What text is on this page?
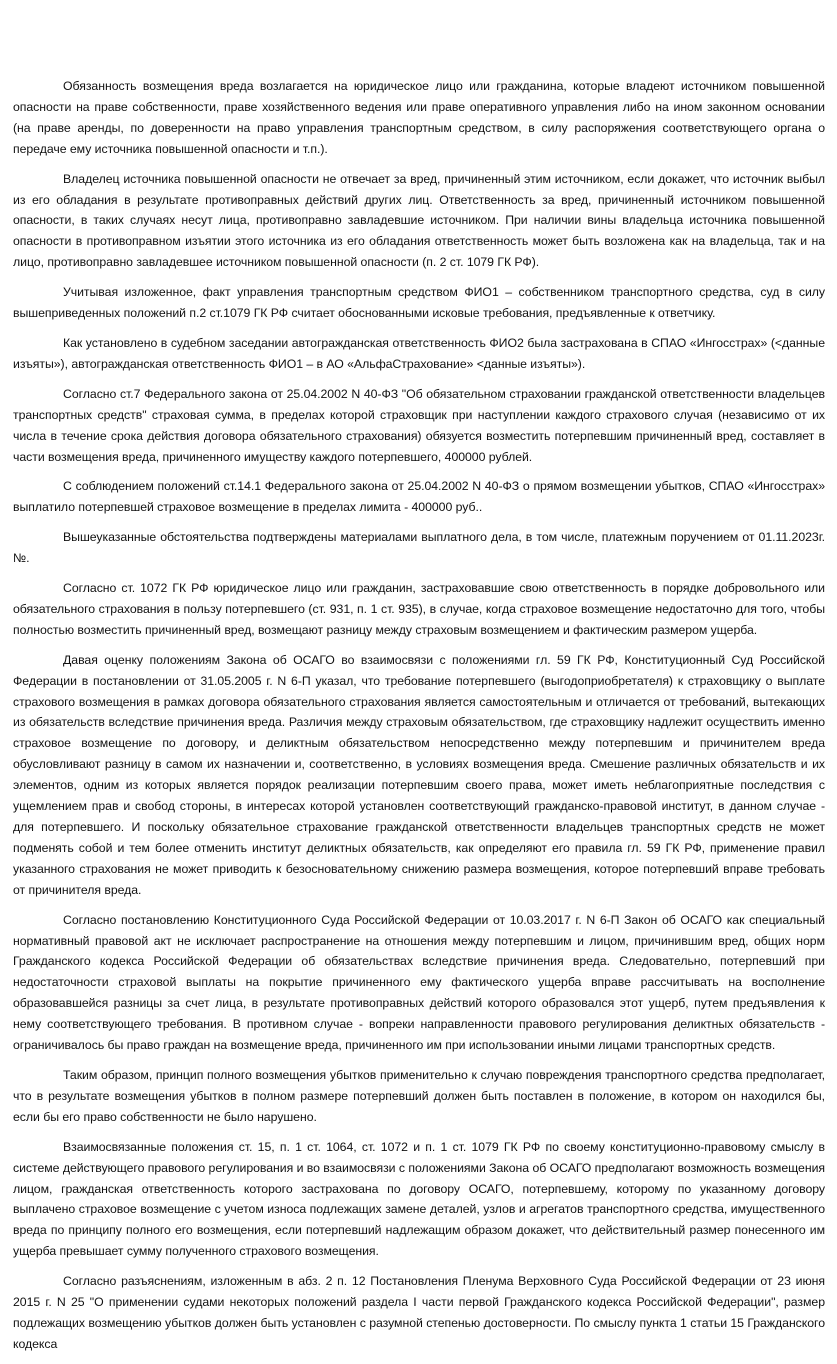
Обязанность возмещения вреда возлагается на юридическое лицо или гражданина, которые владеют источником повышенной опасности на праве собственности, праве хозяйственного ведения или праве оперативного управления либо на ином законном основании (на праве аренды, по доверенности на право управления транспортным средством, в силу распоряжения соответствующего органа о передаче ему источника повышенной опасности и т.п.).

Владелец источника повышенной опасности не отвечает за вред, причиненный этим источником, если докажет, что источник выбыл из его обладания в результате противоправных действий других лиц. Ответственность за вред, причиненный источником повышенной опасности, в таких случаях несут лица, противоправно завладевшие источником. При наличии вины владельца источника повышенной опасности в противоправном изъятии этого источника из его обладания ответственность может быть возложена как на владельца, так и на лицо, противоправно завладевшее источником повышенной опасности (п. 2 ст. 1079 ГК РФ).

Учитывая изложенное, факт управления транспортным средством ФИО1 – собственником транспортного средства, суд в силу вышеприведенных положений п.2 ст.1079 ГК РФ считает обоснованными исковые требования, предъявленные к ответчику.

Как установлено в судебном заседании автогражданская ответственность ФИО2 была застрахована в СПАО «Ингосстрах» (<данные изъяты»), автогражданская ответственность ФИО1 – в АО «АльфаСтрахование» <данные изъяты»).

Согласно ст.7 Федерального закона от 25.04.2002 N 40-ФЗ "Об обязательном страховании гражданской ответственности владельцев транспортных средств" страховая сумма, в пределах которой страховщик при наступлении каждого страхового случая (независимо от их числа в течение срока действия договора обязательного страхования) обязуется возместить потерпевшим причиненный вред, составляет в части возмещения вреда, причиненного имуществу каждого потерпевшего, 400000 рублей.

С соблюдением положений ст.14.1 Федерального закона от 25.04.2002 N 40-ФЗ о прямом возмещении убытков, СПАО «Ингосстрах» выплатило потерпевшей страховое возмещение в пределах лимита - 400000 руб..

Вышеуказанные обстоятельства подтверждены материалами выплатного дела, в том числе, платежным поручением от 01.11.2023г. №.

Согласно ст. 1072 ГК РФ юридическое лицо или гражданин, застраховавшие свою ответственность в порядке добровольного или обязательного страхования в пользу потерпевшего (ст. 931, п. 1 ст. 935), в случае, когда страховое возмещение недостаточно для того, чтобы полностью возместить причиненный вред, возмещают разницу между страховым возмещением и фактическим размером ущерба.

Давая оценку положениям Закона об ОСАГО во взаимосвязи с положениями гл. 59 ГК РФ, Конституционный Суд Российской Федерации в постановлении от 31.05.2005 г. N 6-П указал, что требование потерпевшего (выгодоприобретателя) к страховщику о выплате страхового возмещения в рамках договора обязательного страхования является самостоятельным и отличается от требований, вытекающих из обязательств вследствие причинения вреда. Различия между страховым обязательством, где страховщику надлежит осуществить именно страховое возмещение по договору, и деликтным обязательством непосредственно между потерпевшим и причинителем вреда обусловливают разницу в самом их назначении и, соответственно, в условиях возмещения вреда. Смешение различных обязательств и их элементов, одним из которых является порядок реализации потерпевшим своего права, может иметь неблагоприятные последствия с ущемлением прав и свобод стороны, в интересах которой установлен соответствующий гражданско-правовой институт, в данном случае - для потерпевшего. И поскольку обязательное страхование гражданской ответственности владельцев транспортных средств не может подменять собой и тем более отменить институт деликтных обязательств, как определяют его правила гл. 59 ГК РФ, применение правил указанного страхования не может приводить к безосновательному снижению размера возмещения, которое потерпевший вправе требовать от причинителя вреда.

Согласно постановлению Конституционного Суда Российской Федерации от 10.03.2017 г. N 6-П Закон об ОСАГО как специальный нормативный правовой акт не исключает распространение на отношения между потерпевшим и лицом, причинившим вред, общих норм Гражданского кодекса Российской Федерации об обязательствах вследствие причинения вреда. Следовательно, потерпевший при недостаточности страховой выплаты на покрытие причиненного ему фактического ущерба вправе рассчитывать на восполнение образовавшейся разницы за счет лица, в результате противоправных действий которого образовался этот ущерб, путем предъявления к нему соответствующего требования. В противном случае - вопреки направленности правового регулирования деликтных обязательств - ограничивалось бы право граждан на возмещение вреда, причиненного им при использовании иными лицами транспортных средств.

Таким образом, принцип полного возмещения убытков применительно к случаю повреждения транспортного средства предполагает, что в результате возмещения убытков в полном размере потерпевший должен быть поставлен в положение, в котором он находился бы, если бы его право собственности не было нарушено.

Взаимосвязанные положения ст. 15, п. 1 ст. 1064, ст. 1072 и п. 1 ст. 1079 ГК РФ по своему конституционно-правовому смыслу в системе действующего правового регулирования и во взаимосвязи с положениями Закона об ОСАГО предполагают возможность возмещения лицом, гражданская ответственность которого застрахована по договору ОСАГО, потерпевшему, которому по указанному договору выплачено страховое возмещение с учетом износа подлежащих замене деталей, узлов и агрегатов транспортного средства, имущественного вреда по принципу полного его возмещения, если потерпевший надлежащим образом докажет, что действительный размер понесенного им ущерба превышает сумму полученного страхового возмещения.

Согласно разъяснениям, изложенным в абз. 2 п. 12 Постановления Пленума Верховного Суда Российской Федерации от 23 июня 2015 г. N 25 "О применении судами некоторых положений раздела I части первой Гражданского кодекса Российской Федерации", размер подлежащих возмещению убытков должен быть установлен с разумной степенью достоверности. По смыслу пункта 1 статьи 15 Гражданского кодекса
